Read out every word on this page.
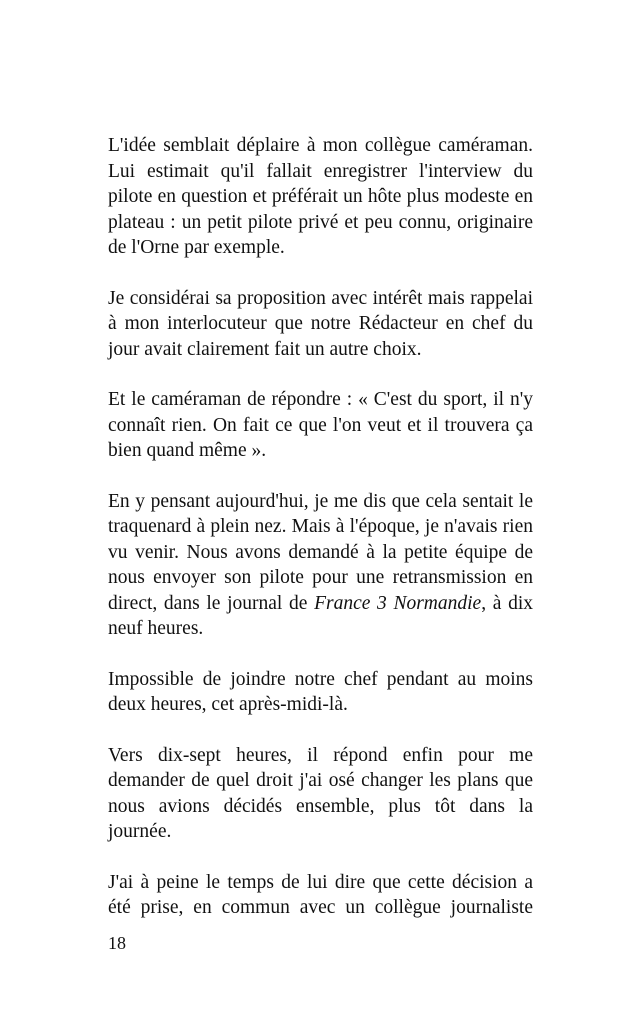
L'idée semblait déplaire à mon collègue caméraman. Lui estimait qu'il fallait enregistrer l'interview du pilote en question et préférait un hôte plus modeste en plateau : un petit pilote privé et peu connu, originaire de l'Orne par exemple.

Je considérai sa proposition avec intérêt mais rappelai à mon interlocuteur que notre Rédacteur en chef du jour avait clairement fait un autre choix.

Et le caméraman de répondre : « C'est du sport, il n'y connaît rien. On fait ce que l'on veut et il trouvera ça bien quand même ».

En y pensant aujourd'hui, je me dis que cela sentait le traquenard à plein nez. Mais à l'époque, je n'avais rien vu venir. Nous avons demandé à la petite équipe de nous envoyer son pilote pour une retransmission en direct, dans le journal de France 3 Normandie, à dix neuf heures.

Impossible de joindre notre chef pendant au moins deux heures, cet après-midi-là.

Vers dix-sept heures, il répond enfin pour me demander de quel droit j'ai osé changer les plans que nous avions décidés ensemble, plus tôt dans la journée.

J'ai à peine le temps de lui dire que cette décision a été prise, en commun avec un collègue journaliste

18
